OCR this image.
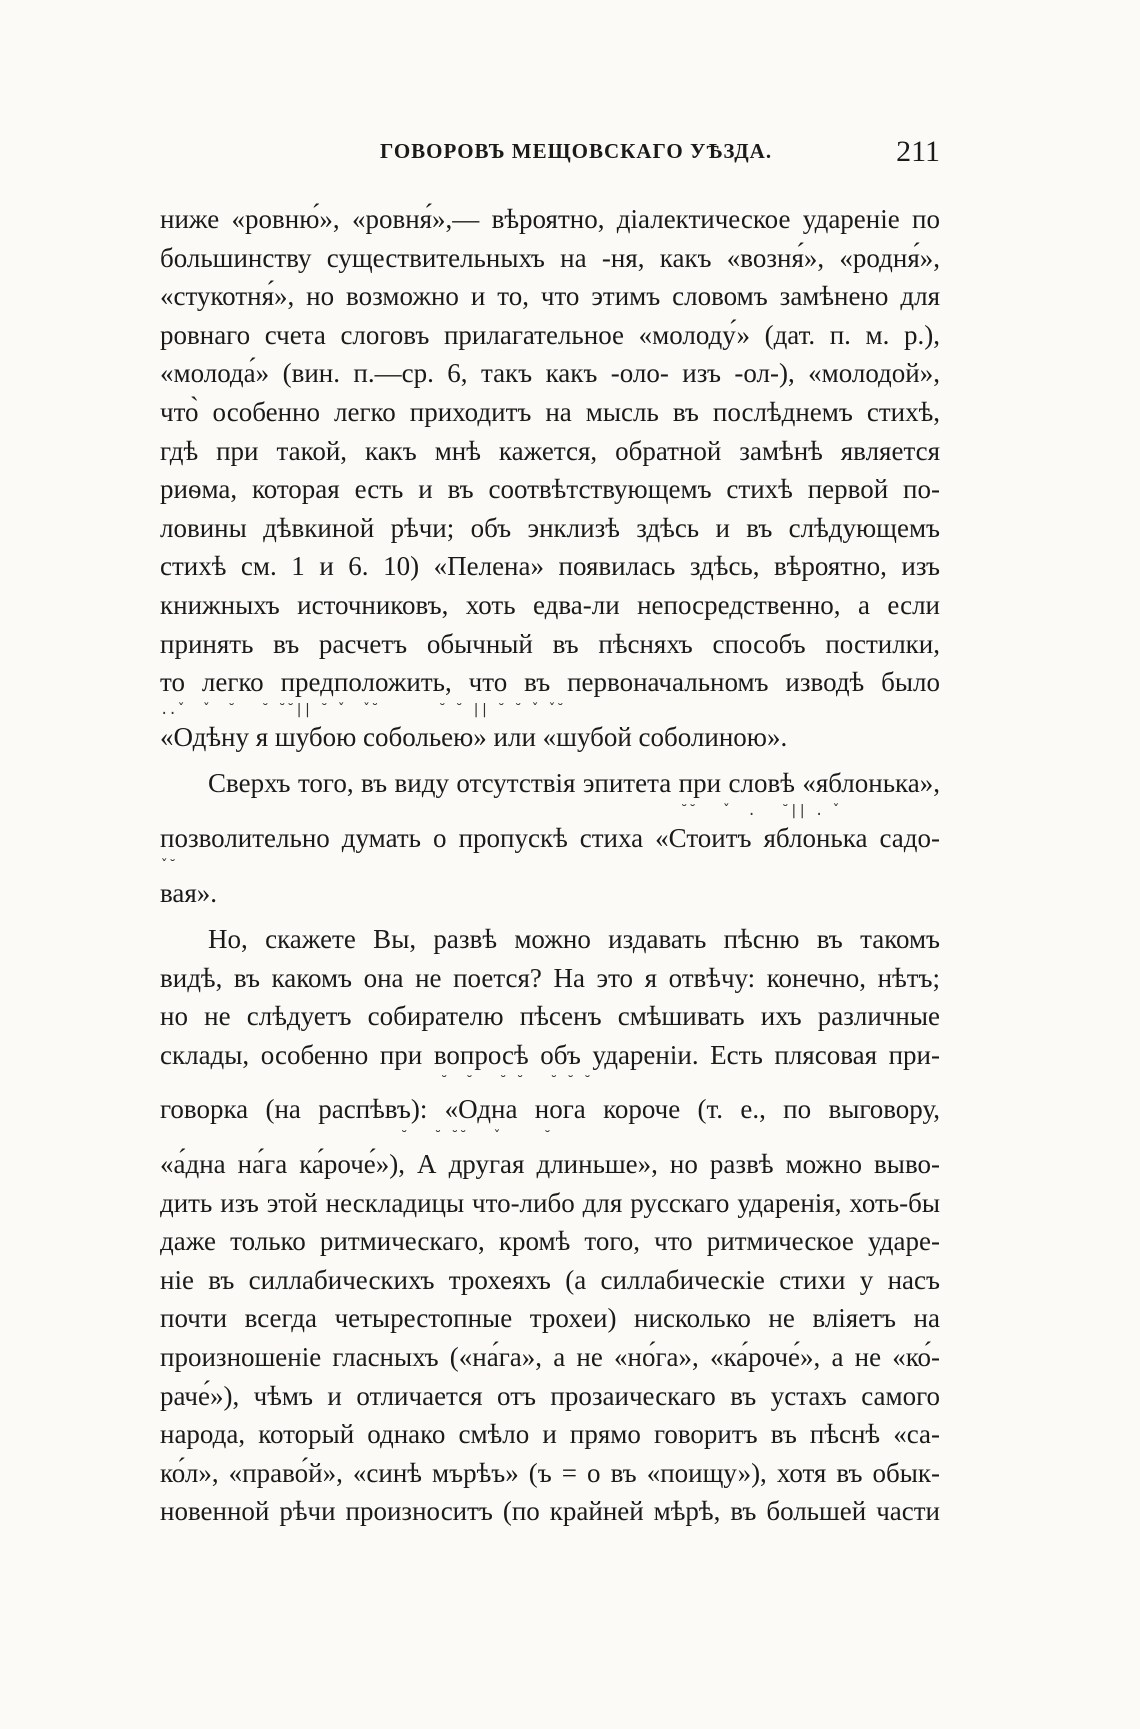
ГОВОРОВЪ МЕЩОВСКАГО УѢЗДА.	211
ниже «ровню́», «ровня́»,— вѣроятно, діалектическое удареніе по
большинству существительныхъ на -ня, какъ «возня́», «родня́»,
«стукотня́», но возможно и то, что этимъ словомъ замѣнено для
ровнаго счета слоговъ прилагательное «молоду́» (дат. п. м. р.),
«молода́» (вин. п.—ср. 6, такъ какъ -оло- изъ -ол-), «молодой»,
что̀ особенно легко приходитъ на мысль въ послѣднемъ стихѣ,
гдѣ при такой, какъ мнѣ кажется, обратной замѣнѣ является
риѳма, которая есть и въ соотвѣтствующемъ стихѣ первой по-
ловины дѣвкиной рѣчи; объ энклизѣ здѣсь и въ слѣдующемъ
стихѣ см. 1 и 6. 10) «Пелена» появилась здѣсь, вѣроятно, изъ
книжныхъ источниковъ, хоть едва-ли непосредственно, а если
принять въ расчетъ обычный въ пѣсняхъ способъ постилки,
то легко предположить, что въ первоначальномъ изводѣ было
..ˇ  ˇ  ˘   ˘ ˘˘|| ˘ ˇ  ˇ˘       ˘ ˘ || ˘ ˘ ˇ ˇ˘
«Одѣну я шубою собольею» или «шубой соболиною».
Сверхъ того, въ виду отсутствія эпитета при словѣ «яблонька»,
˘˘   ˇ  .   ˘|| . ˇ
позволительно думать о пропускѣ стиха «Стоитъ яблонька садо-
ˇ˘
вая».
Но, скажете Вы, развѣ можно издавать пѣсню въ такомъ
видѣ, въ какомъ она не поется? На это я отвѣчу: конечно, нѣтъ;
но не слѣдуетъ собирателю пѣсенъ смѣшивать ихъ различные
склады, особенно при вопросѣ объ удареніи. Есть плясовая при-
˘  ˘   ˘ ˘   ˘ ˘ ˘
говорка (на распѣвъ): «Одна нога короче (т. е., по выговору,
˘   ˘ ˘˘   ˇ     ˘
«а́дна на́га ка́роче́»), А другая длиньше», но развѣ можно выво-
дить изъ этой нескладицы что-либо для русскаго ударенія, хоть-бы
даже только ритмическаго, кромѣ того, что ритмическое ударе-
ніе въ силлабическихъ трохеяхъ (а силлабическіе стихи у насъ
почти всегда четырестопные трохеи) нисколько не вліяетъ на
произношеніе гласныхъ («на́га», а не «но́га», «ка́роче́», а не «ко́-
раче́»), чѣмъ и отличается отъ прозаическаго въ устахъ самого
народа, который однако смѣло и прямо говоритъ въ пѣснѣ «са-
ко́л», «право́й», «синѣ мърѣъ» (ъ = о въ «поищу»), хотя въ обык-
новенной рѣчи произноситъ (по крайней мѣрѣ, въ большей части
